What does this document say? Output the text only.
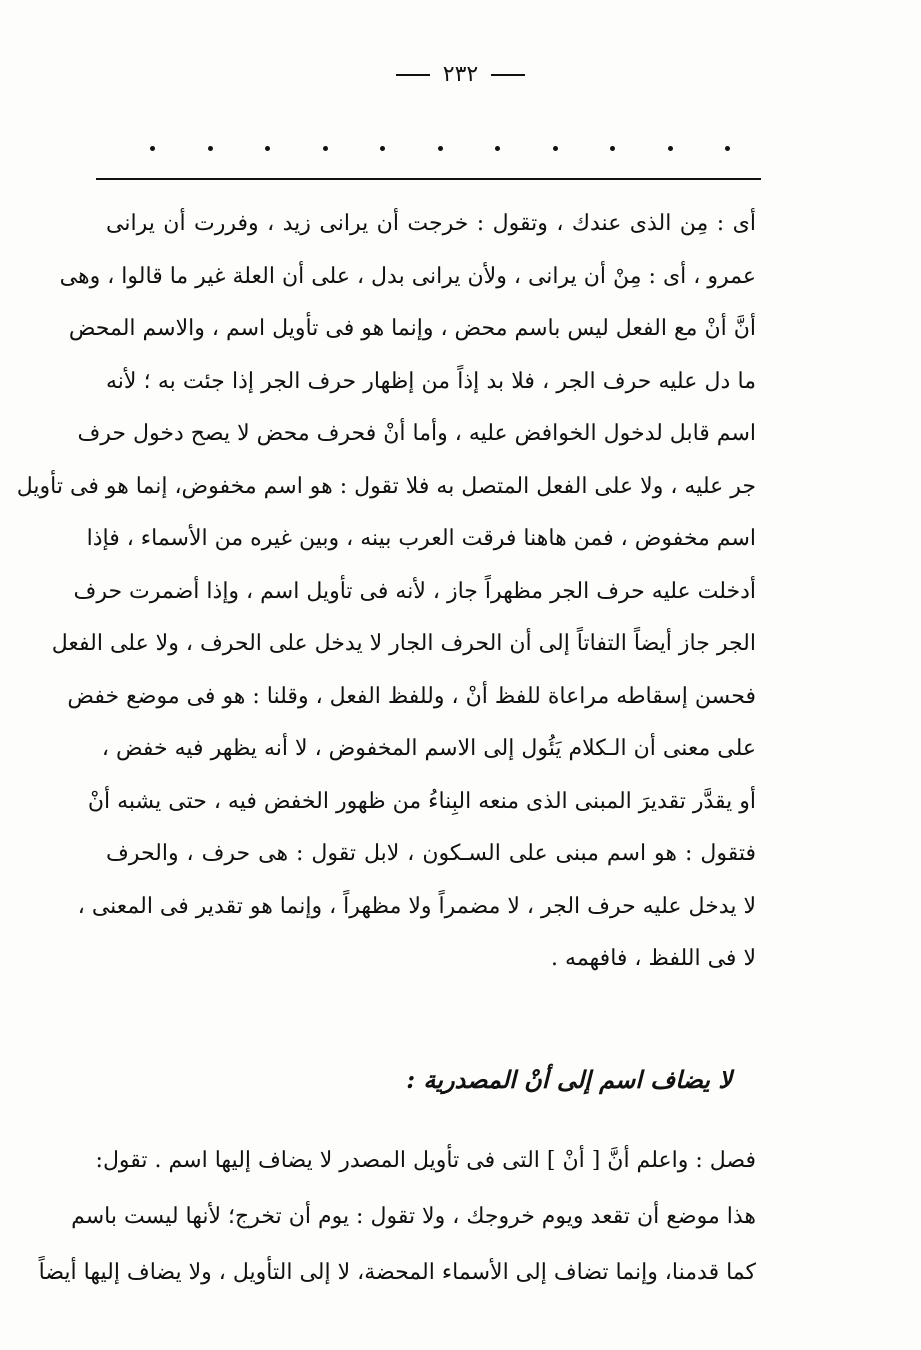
٢٣٢
أى : مِن الذى عندك ، وتقول : خرجت أن يرانى زيد ، وفررت أن يرانى
عمرو ، أى : مِنْ أن يرانى ، ولأن يرانى بدل ، على أن العلة غير ما قالوا ، وهى
أنَّ أنْ مع الفعل ليس باسم محض ، وإنما هو فى تأويل اسم ، والاسم المحض
ما دل عليه حرف الجر ، فلا بد إذاً من إظهار حرف الجر إذا جئت به ؛ لأنه
اسم قابل لدخول الخوافض عليه ، وأما أنْ فحرف محض لا يصح دخول حرف
جر عليه ، ولا على الفعل المتصل به فلا تقول : هو اسم مخفوض، إنما هو فى تأويل
اسم مخفوض ، فمن هاهنا فرقت العرب بينه ، وبين غيره من الأسماء ، فإذا
أدخلت عليه حرف الجر مظهراً جاز ، لأنه فى تأويل اسم ، وإذا أضمرت حرف
الجر جاز أيضاً التفاتاً إلى أن الحرف الجار لا يدخل على الحرف ، ولا على الفعل
فحسن إسقاطه مراعاة للفظ أنْ ، وللفظ الفعل ، وقلنا : هو فى موضع خفض
على معنى أن الـكلام يَئُول إلى الاسم المخفوض ، لا أنه يظهر فيه خفض ،
أو يقدَّر تقديرَ المبنى الذى منعه البِناءُ من ظهور الخفض فيه ، حتى يشبه أنْ
فتقول : هو اسم مبنى على السـكون ، لابل تقول : هى حرف ، والحرف
لا يدخل عليه حرف الجر ، لا مضمراً ولا مظهراً ، وإنما هو تقدير فى المعنى ،
لا فى اللفظ ، فافهمه .
لا يضاف اسم إلى أنْ المصدرية :
فصل : واعلم أنَّ [ أنْ ] التى فى تأويل المصدر لا يضاف إليها اسم . تقول:
هذا موضع أن تقعد ويوم خروجك ، ولا تقول : يوم أن تخرج؛ لأنها ليست باسم
كما قدمنا، وإنما تضاف إلى الأسماء المحضة، لا إلى التأويل ، ولا يضاف إليها أيضاً
